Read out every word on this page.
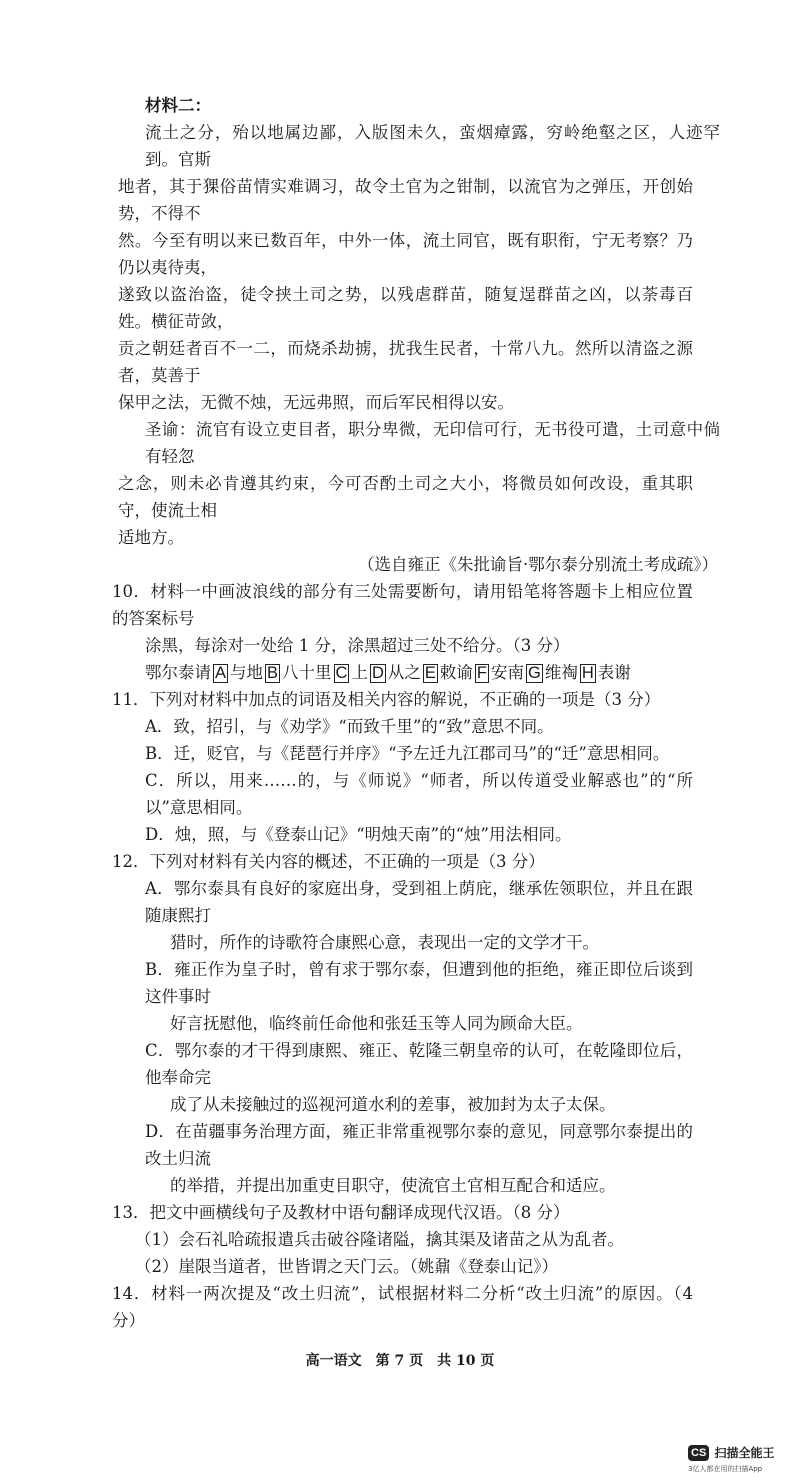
材料二：
流土之分，殆以地属边鄙，入版图未久，蛮烟瘴露，穷岭绝壑之区，人迹罕到。官斯
地者，其于猓俗苗情实难调习，故令土官为之钳制，以流官为之弹压，开创始势，不得不
然。今至有明以来已数百年，中外一体，流土同官，既有职衔，宁无考察？乃仍以夷待夷，
遂致以盗治盗，徒令挟土司之势，以残虐群苗，随复逞群苗之凶，以荼毒百姓。横征苛敛，
贡之朝廷者百不一二，而烧杀劫掳，扰我生民者，十常八九。然所以清盗之源者，莫善于
保甲之法，无微不烛，无远弗照，而后军民相得以安。
圣谕：流官有设立吏目者，职分卑微，无印信可行，无书役可遣，土司意中倘有轻忽
之念，则未必肯遵其约束，今可否酌土司之大小，将微员如何改设，重其职守，使流土相
适地方。
（选自雍正《朱批谕旨·鄂尔泰分别流土考成疏》）
10．材料一中画波浪线的部分有三处需要断句，请用铅笔将答题卡上相应位置的答案标号
涂黑，每涂对一处给 1 分，涂黑超过三处不给分。（3 分）
鄂尔泰请 A 与地 B 八十里 C 上 D 从之 E 敕谕 F 安南 G 维祹 H 表谢
11．下列对材料中加点的词语及相关内容的解说，不正确的一项是（3 分）
A．致，招引，与《劝学》“而致千里”的“致”意思不同。
B．迁，贬官，与《琵琶行并序》“予左迁九江郡司马”的“迁”意思相同。
C．所以，用来……的，与《师说》“师者，所以传道受业解惑也”的“所以”意思相同。
D．烛，照，与《登泰山记》“明烛天南”的“烛”用法相同。
12．下列对材料有关内容的概述，不正确的一项是（3 分）
A．鄂尔泰具有良好的家庭出身，受到祖上荫庇，继承佐领职位，并且在跟随康熙打
猎时，所作的诗歌符合康熙心意，表现出一定的文学才干。
B．雍正作为皇子时，曾有求于鄂尔泰，但遭到他的拒绝，雍正即位后谈到这件事时
好言抚慰他，临终前任命他和张廷玉等人同为顾命大臣。
C．鄂尔泰的才干得到康熙、雍正、乾隆三朝皇帝的认可，在乾隆即位后，他奉命完
成了从未接触过的巡视河道水利的差事，被加封为太子太保。
D．在苗疆事务治理方面，雍正非常重视鄂尔泰的意见，同意鄂尔泰提出的改土归流
的举措，并提出加重吏目职守，使流官土官相互配合和适应。
13．把文中画横线句子及教材中语句翻译成现代汉语。（8 分）
（1）会石礼哈疏报遣兵击破谷隆诸隘，擒其渠及诸苗之从为乱者。
（2）崖限当道者，世皆谓之天门云。（姚鼐《登泰山记》）
14．材料一两次提及“改土归流”，试根据材料二分析“改土归流”的原因。（4 分）
高一语文　第 7 页　共 10 页
CS 扫描全能王
3亿人都在用的扫描App
